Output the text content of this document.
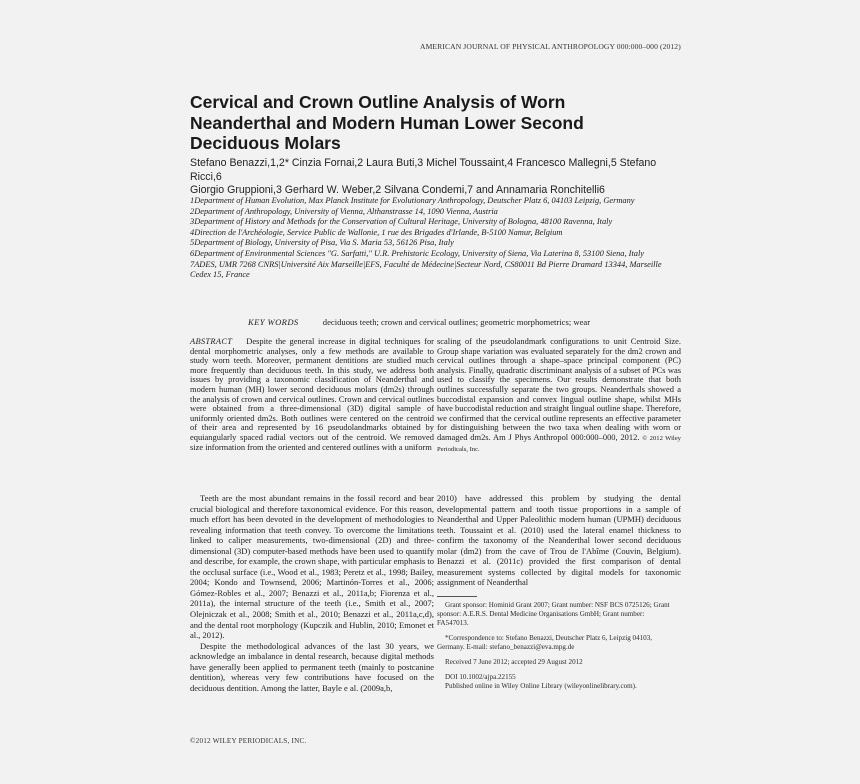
AMERICAN JOURNAL OF PHYSICAL ANTHROPOLOGY 000:000–000 (2012)
Cervical and Crown Outline Analysis of Worn Neanderthal and Modern Human Lower Second Deciduous Molars
Stefano Benazzi,1,2* Cinzia Fornai,2 Laura Buti,3 Michel Toussaint,4 Francesco Mallegni,5 Stefano Ricci,6
Giorgio Gruppioni,3 Gerhard W. Weber,2 Silvana Condemi,7 and Annamaria Ronchitelli6
1Department of Human Evolution, Max Planck Institute for Evolutionary Anthropology, Deutscher Platz 6, 04103 Leipzig, Germany
2Department of Anthropology, University of Vienna, Althanstrasse 14, 1090 Vienna, Austria
3Department of History and Methods for the Conservation of Cultural Heritage, University of Bologna, 48100 Ravenna, Italy
4Direction de l'Archéologie, Service Public de Wallonie, 1 rue des Brigades d'Irlande, B-5100 Namur, Belgium
5Department of Biology, University of Pisa, Via S. Maria 53, 56126 Pisa, Italy
6Department of Environmental Sciences "G. Sarfatti," U.R. Prehistoric Ecology, University of Siena, Via Laterina 8, 53100 Siena, Italy
7ADES, UMR 7268 CNRS|Université Aix Marseille|EFS, Faculté de Médecine|Secteur Nord, CS80011 Bd Pierre Dramard 13344, Marseille Cedex 15, France
KEY WORDS	deciduous teeth; crown and cervical outlines; geometric morphometrics; wear
ABSTRACT Despite the general increase in digital techniques for dental morphometric analyses, only a few methods are available to study worn teeth. Moreover, permanent dentitions are studied much more frequently than deciduous teeth. In this study, we address both issues by providing a taxonomic classification of Neanderthal and modern human (MH) lower second deciduous molars (dm2s) through the analysis of crown and cervical outlines. Crown and cervical outlines were obtained from a three-dimensional (3D) digital sample of uniformly oriented dm2s. Both outlines were centered on the centroid of their area and represented by 16 pseudolandmarks obtained by equiangularly spaced radial vectors out of the centroid. We removed size information from the oriented and centered outlines with a uniform
scaling of the pseudolandmark configurations to unit Centroid Size. Group shape variation was evaluated separately for the dm2 crown and cervical outlines through a shape–space principal component (PC) analysis. Finally, quadratic discriminant analysis of a subset of PCs was used to classify the specimens. Our results demonstrate that both outlines successfully separate the two groups. Neanderthals showed a buccodistal expansion and convex lingual outline shape, whilst MHs have buccodistal reduction and straight lingual outline shape. Therefore, we confirmed that the cervical outline represents an effective parameter for distinguishing between the two taxa when dealing with worn or damaged dm2s. Am J Phys Anthropol 000:000–000, 2012. © 2012 Wiley Periodicals, Inc.

Teeth are the most abundant remains in the fossil record and bear crucial biological and therefore taxonomical evidence. For this reason, much effort has been devoted in the development of methodologies to revealing information that teeth convey. To overcome the limitations linked to caliper measurements, two-dimensional (2D) and three-dimensional (3D) computer-based methods have been used to quantify and describe, for example, the crown shape, with particular emphasis to the occlusal surface (i.e., Wood et al., 1983; Peretz et al., 1998; Bailey, 2004; Kondo and Townsend, 2006; Martinón-Torres et al., 2006; Gómez-Robles et al., 2007; Benazzi et al., 2011a,b; Fiorenza et al., 2011a), the internal structure of the teeth (i.e., Smith et al., 2007; Olejniczak et al., 2008; Smith et al., 2010; Benazzi et al., 2011a,c,d), and the dental root morphology (Kupczik and Hublin, 2010; Emonet et al., 2012).

Despite the methodological advances of the last 30 years, we acknowledge an imbalance in dental research, because digital methods have generally been applied to permanent teeth (mainly to postcanine dentition), whereas very few contributions have focused on the deciduous dentition. Among the latter, Bayle e al. (2009a,b,

2010) have addressed this problem by studying the dental developmental pattern and tooth tissue proportions in a sample of Neanderthal and Upper Paleolithic modern human (UPMH) deciduous teeth. Toussaint et al. (2010) used the lateral enamel thickness to confirm the taxonomy of the Neanderthal lower second deciduous molar (dm2) from the cave of Trou de l'Abîme (Couvin, Belgium). Benazzi et al. (2011c) provided the first comparison of dental measurement systems collected by digital models for taxonomic assignment of Neanderthal

Grant sponsor: Hominid Grant 2007; Grant number: NSF BCS 0725126; Grant sponsor: A.E.R.S. Dental Medicine Organisations GmbH; Grant number: FA547013.
*Correspondence to: Stefano Benazzi, Deutscher Platz 6, Leipzig 04103, Germany. E-mail: stefano_benazzi@eva.mpg.de
Received 7 June 2012; accepted 29 August 2012
DOI 10.1002/ajpa.22155
Published online in Wiley Online Library (wileyonlinelibrary.com).
©2012 WILEY PERIODICALS, INC.
